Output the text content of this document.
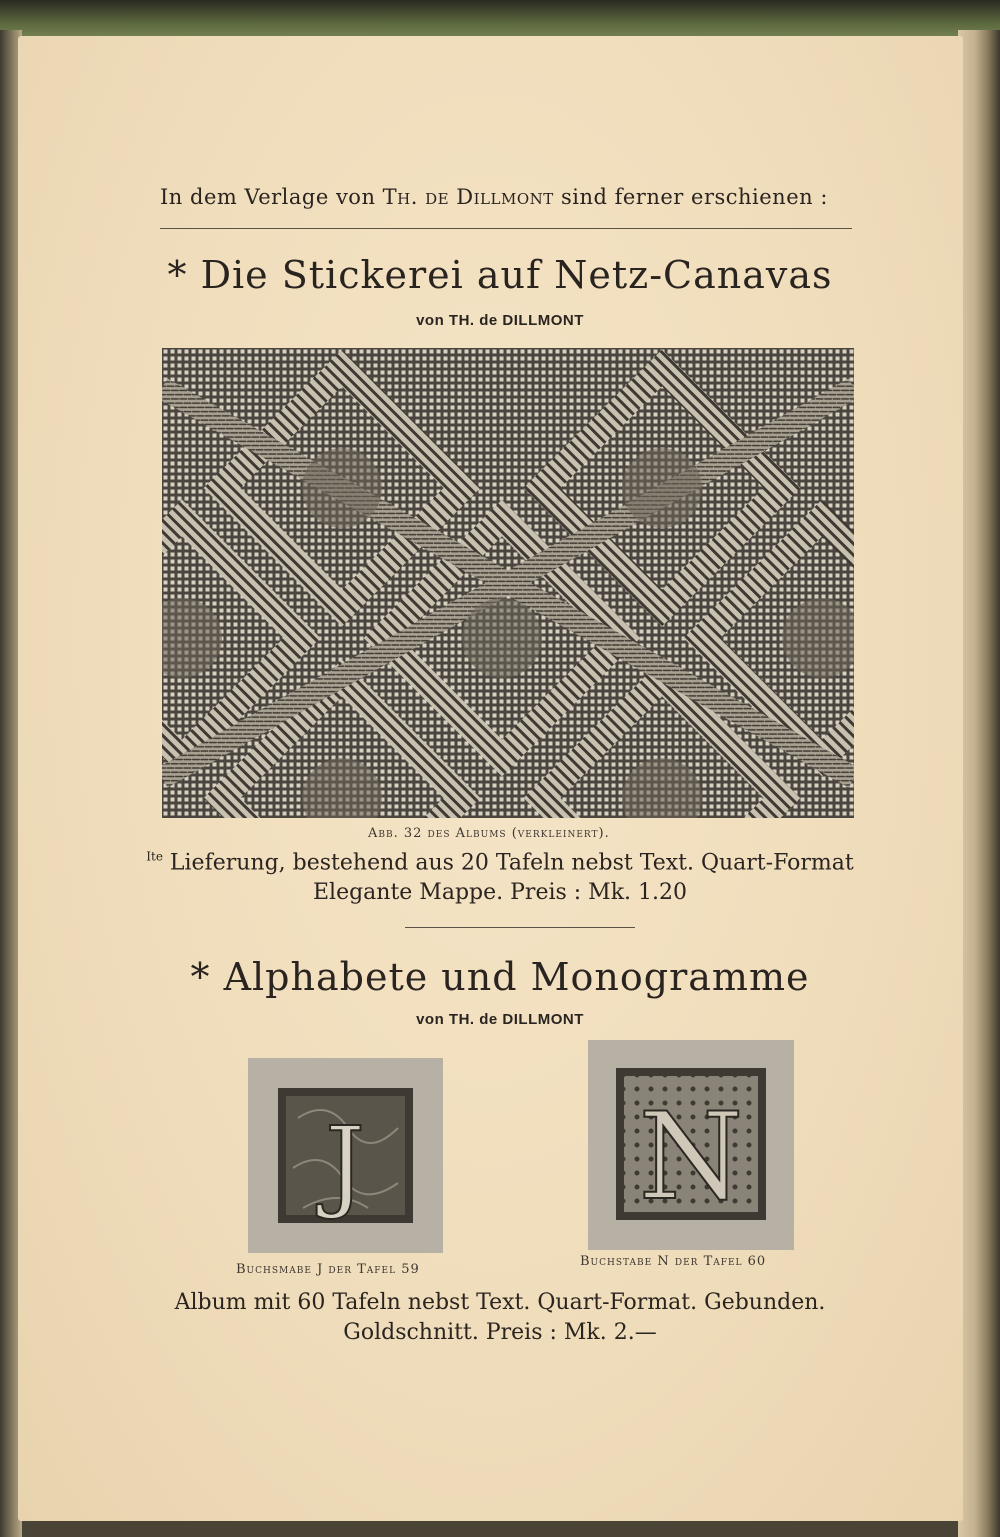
In dem Verlage von Th. de Dillmont sind ferner erschienen :
* Die Stickerei auf Netz-Canavas
von TH. de DILLMONT
Abb. 32 des Albums (verkleinert).
$^{Ite}$ Lieferung, bestehend aus 20 Tafeln nebst Text. Quart-Format
Elegante Mappe. Preis : Mk. 1.20
* Alphabete und Monogramme
von TH. de DILLMONT
J N
Buchsmabe J der Tafel 59
Buchstabe N der Tafel 60
Album mit 60 Tafeln nebst Text. Quart-Format. Gebunden.
Goldschnitt. Preis : Mk. 2.—
